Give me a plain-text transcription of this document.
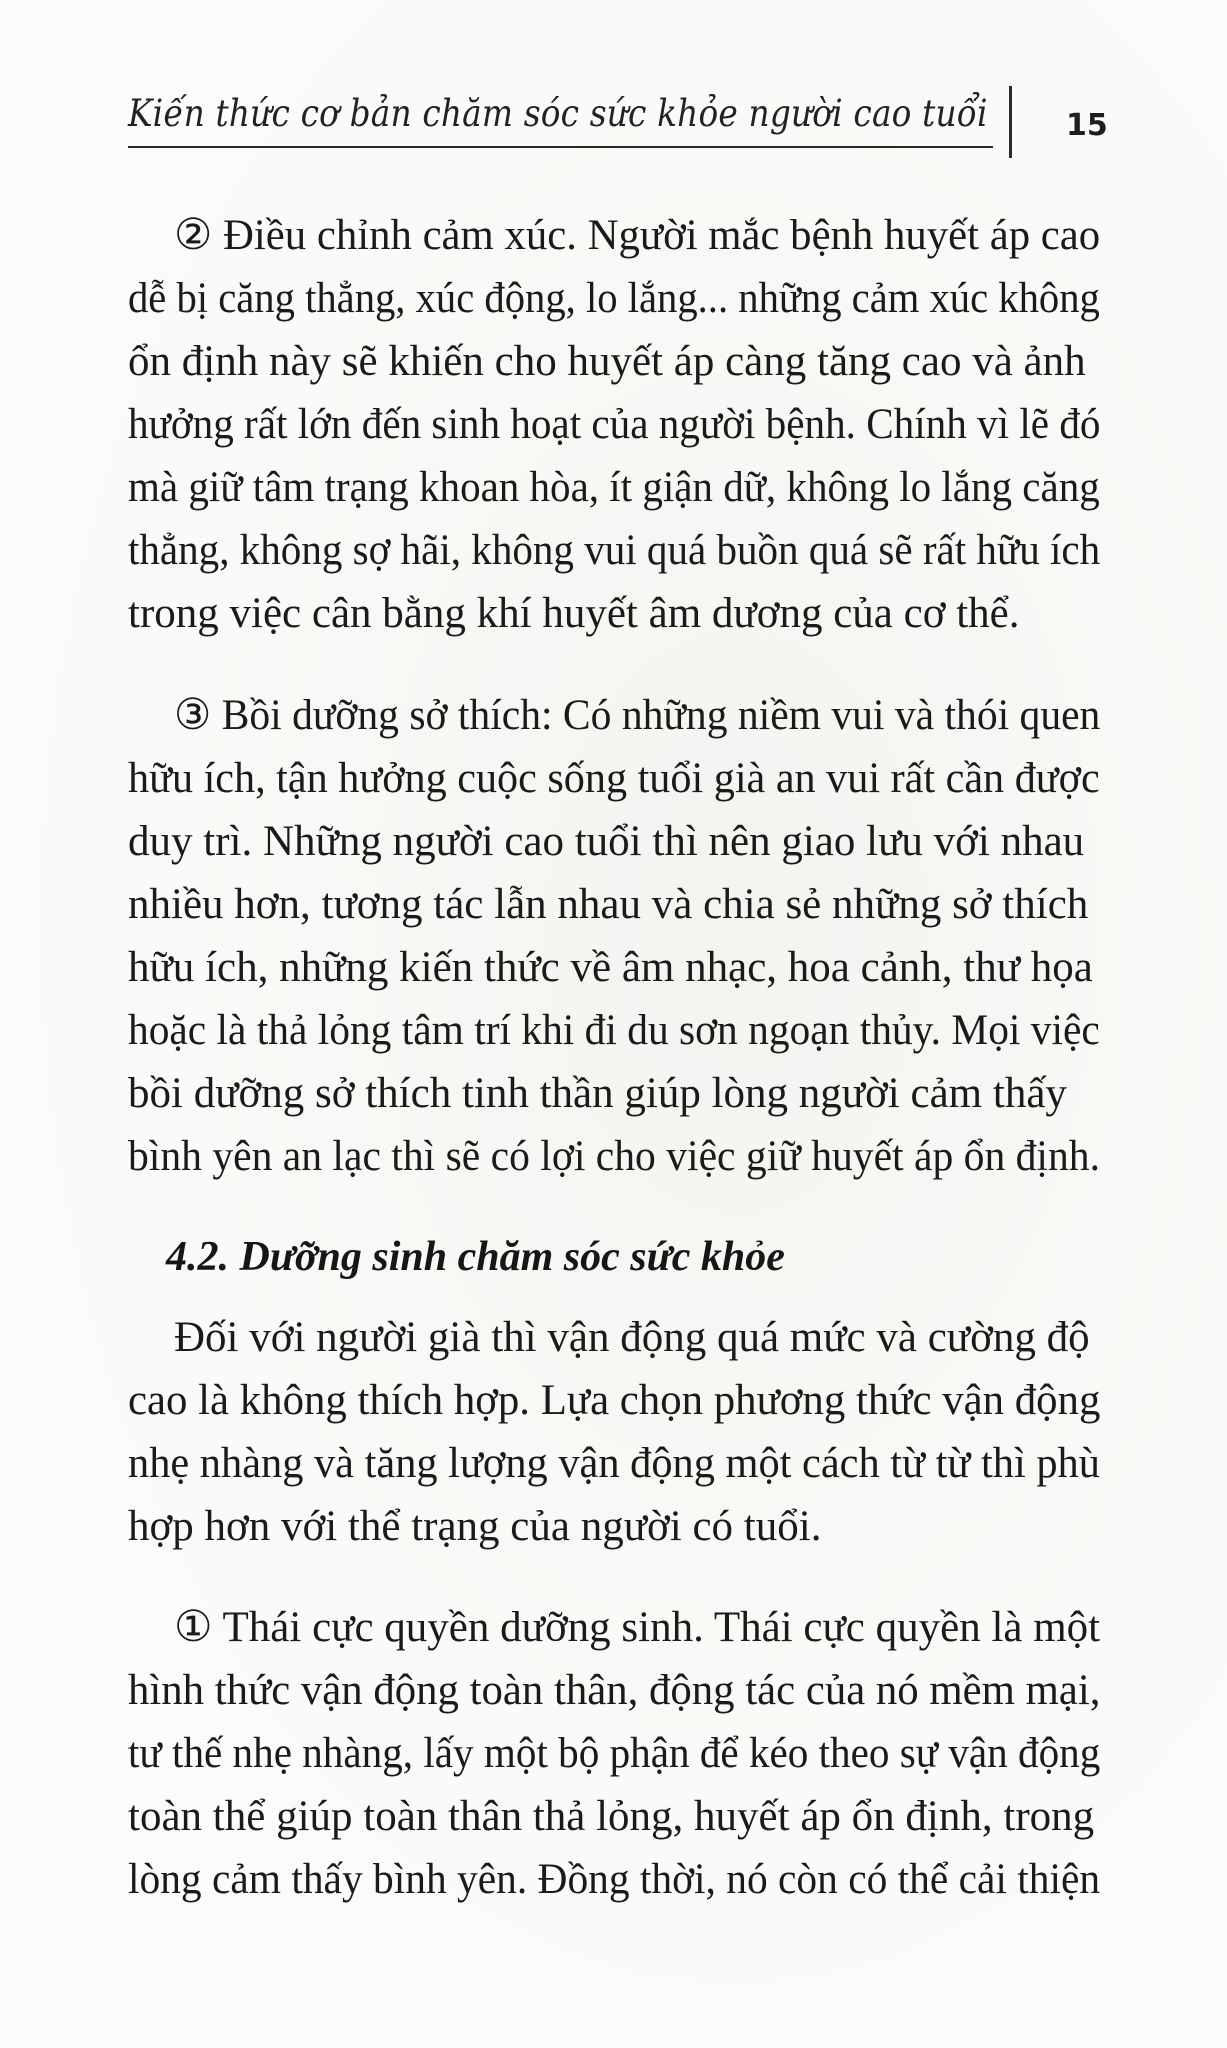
Kiến thức cơ bản chăm sóc sức khỏe người cao tuổi	15
② Điều chỉnh cảm xúc. Người mắc bệnh huyết áp cao
dễ bị căng thẳng, xúc động, lo lắng... những cảm xúc không
ổn định này sẽ khiến cho huyết áp càng tăng cao và ảnh
hưởng rất lớn đến sinh hoạt của người bệnh. Chính vì lẽ đó
mà giữ tâm trạng khoan hòa, ít giận dữ, không lo lắng căng
thẳng, không sợ hãi, không vui quá buồn quá sẽ rất hữu ích
trong việc cân bằng khí huyết âm dương của cơ thể.
③ Bồi dưỡng sở thích: Có những niềm vui và thói quen
hữu ích, tận hưởng cuộc sống tuổi già an vui rất cần được
duy trì. Những người cao tuổi thì nên giao lưu với nhau
nhiều hơn, tương tác lẫn nhau và chia sẻ những sở thích
hữu ích, những kiến thức về âm nhạc, hoa cảnh, thư họa
hoặc là thả lỏng tâm trí khi đi du sơn ngoạn thủy. Mọi việc
bồi dưỡng sở thích tinh thần giúp lòng người cảm thấy
bình yên an lạc thì sẽ có lợi cho việc giữ huyết áp ổn định.
4.2. Dưỡng sinh chăm sóc sức khỏe
Đối với người già thì vận động quá mức và cường độ
cao là không thích hợp. Lựa chọn phương thức vận động
nhẹ nhàng và tăng lượng vận động một cách từ từ thì phù
hợp hơn với thể trạng của người có tuổi.
① Thái cực quyền dưỡng sinh. Thái cực quyền là một
hình thức vận động toàn thân, động tác của nó mềm mại,
tư thế nhẹ nhàng, lấy một bộ phận để kéo theo sự vận động
toàn thể giúp toàn thân thả lỏng, huyết áp ổn định, trong
lòng cảm thấy bình yên. Đồng thời, nó còn có thể cải thiện
